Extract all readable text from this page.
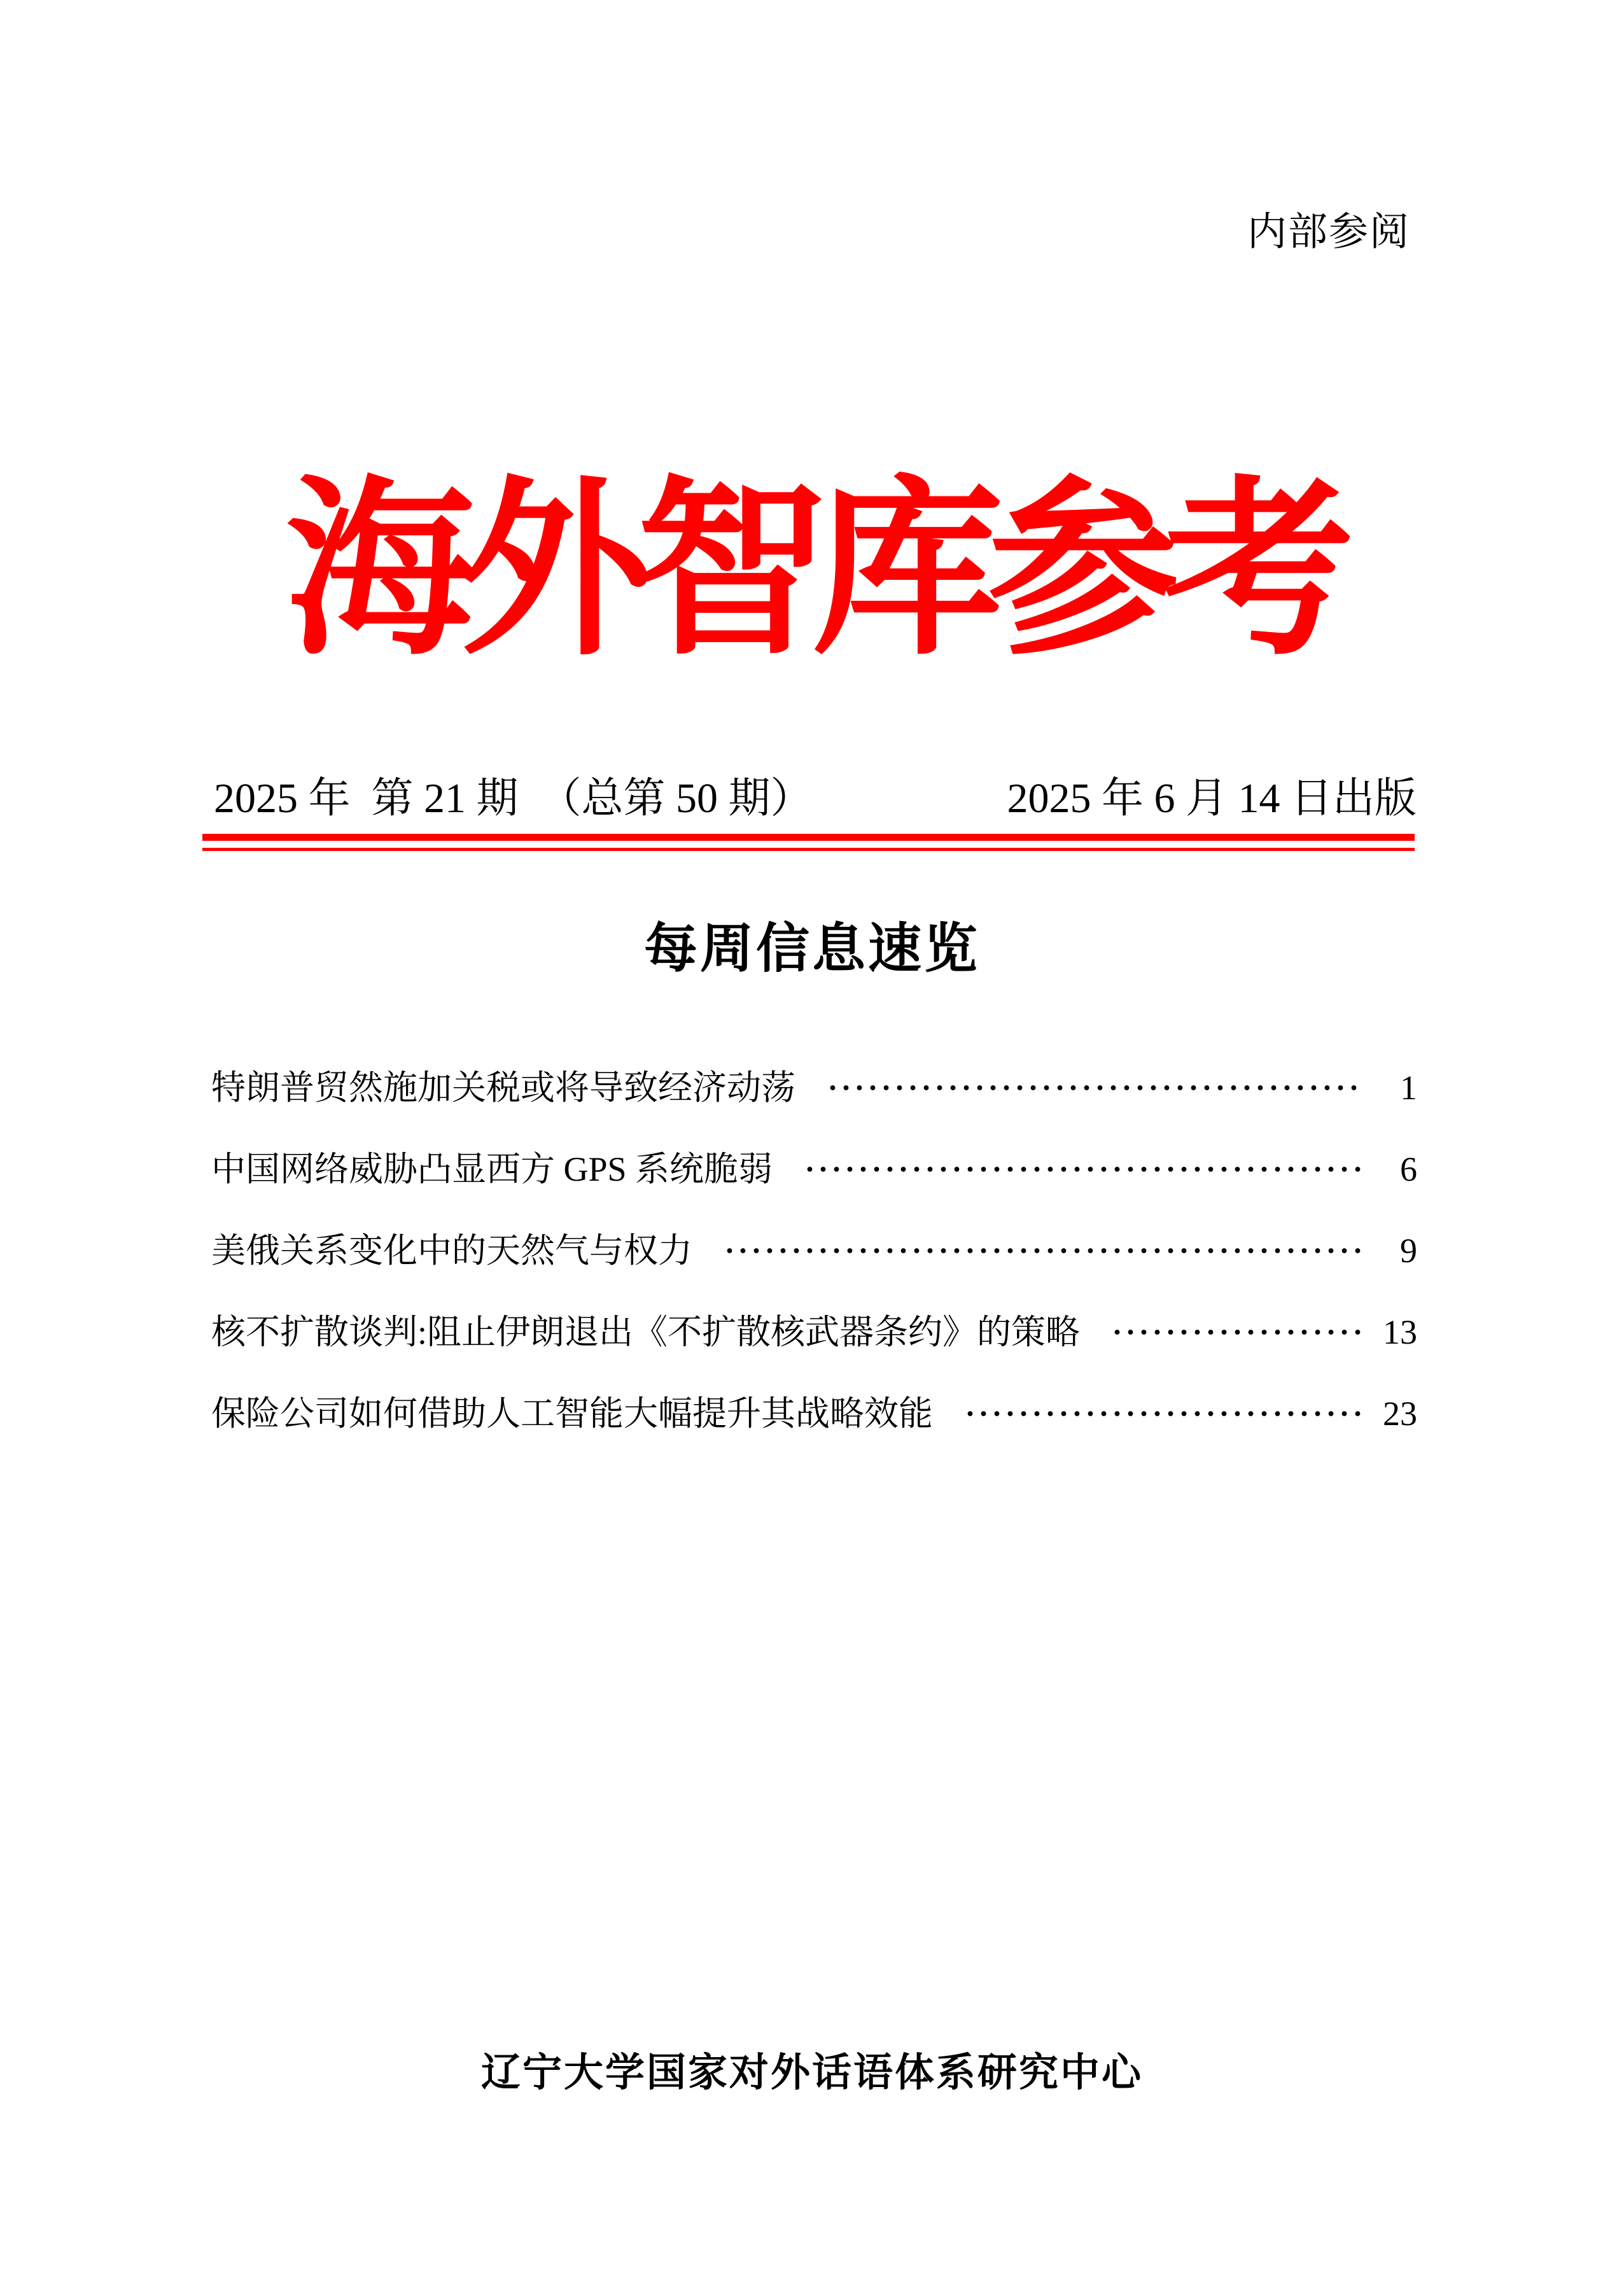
内部参阅
海外智库参考
2025 年  第 21 期  （总第 50 期）	2025 年 6 月 14 日出版
每周信息速览
特朗普贸然施加关税或将导致经济动荡	1
中国网络威胁凸显西方 GPS 系统脆弱	6
美俄关系变化中的天然气与权力	9
核不扩散谈判:阻止伊朗退出《不扩散核武器条约》的策略	13
保险公司如何借助人工智能大幅提升其战略效能	23
辽宁大学国家对外话语体系研究中心
